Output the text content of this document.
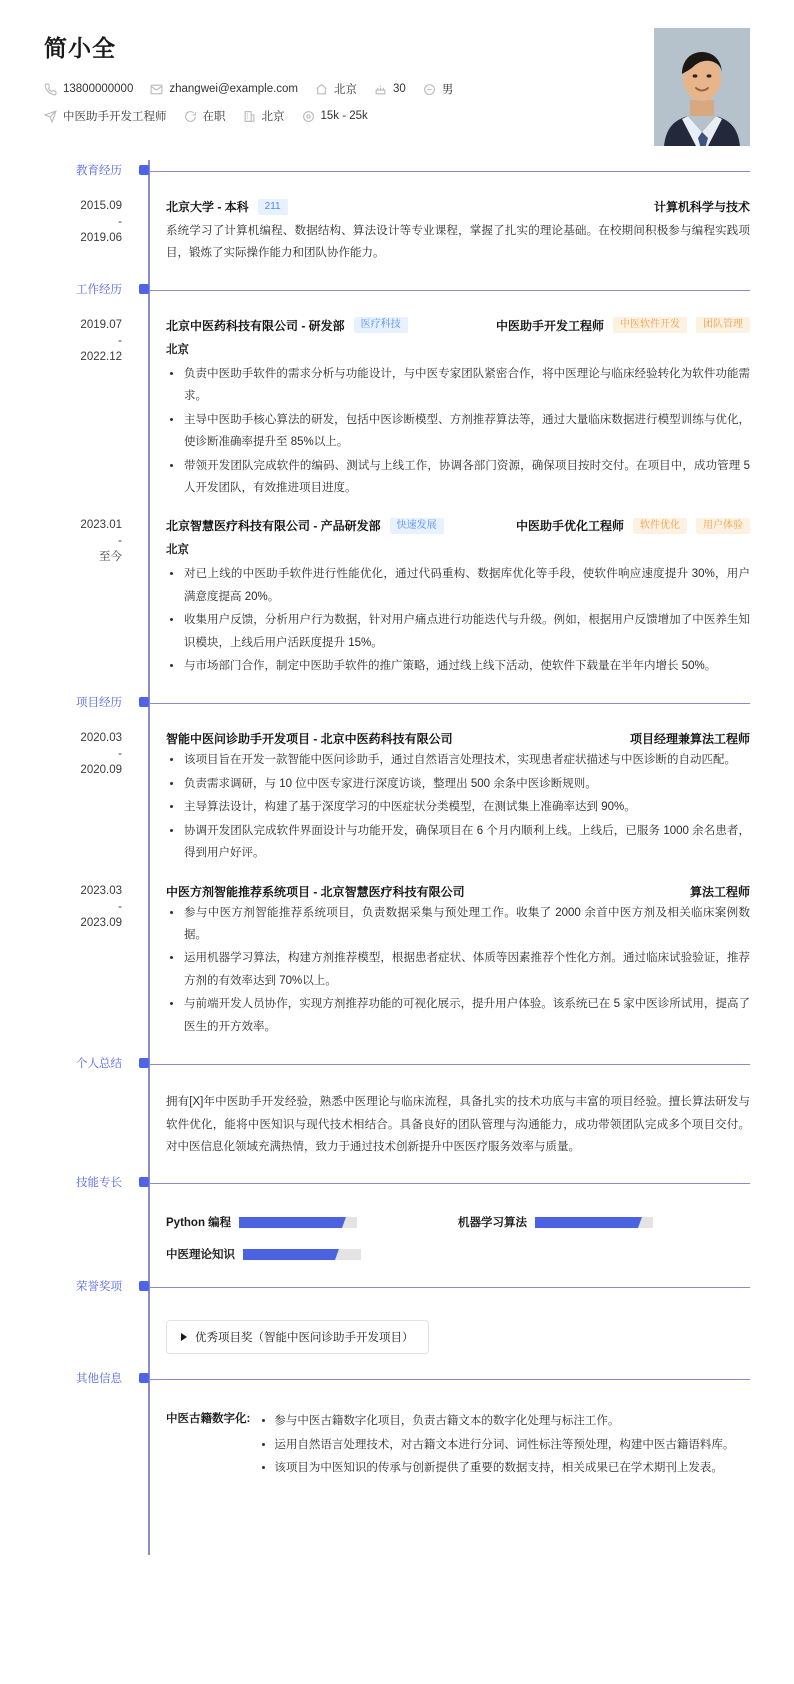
简小全
13800000000	zhangwei@example.com	北京	30	男
中医助手开发工程师	在职	北京	15k - 25k
教育经历
2015.09
-
2019.06
北京大学 - 本科	211	计算机科学与技术
系统学习了计算机编程、数据结构、算法设计等专业课程，掌握了扎实的理论基础。在校期间积极参与编程实践项目，锻炼了实际操作能力和团队协作能力。
工作经历
2019.07
-
2022.12
北京中医药科技有限公司 - 研发部	医疗科技	中医助手开发工程师	中医软件开发	团队管理
北京
负责中医助手软件的需求分析与功能设计，与中医专家团队紧密合作，将中医理论与临床经验转化为软件功能需求。
主导中医助手核心算法的研发，包括中医诊断模型、方剂推荐算法等，通过大量临床数据进行模型训练与优化，使诊断准确率提升至 85%以上。
带领开发团队完成软件的编码、测试与上线工作，协调各部门资源，确保项目按时交付。在项目中，成功管理 5 人开发团队，有效推进项目进度。
2023.01
-
至今
北京智慧医疗科技有限公司 - 产品研发部	快速发展	中医助手优化工程师	软件优化	用户体验
北京
对已上线的中医助手软件进行性能优化，通过代码重构、数据库优化等手段，使软件响应速度提升 30%，用户满意度提高 20%。
收集用户反馈，分析用户行为数据，针对用户痛点进行功能迭代与升级。例如，根据用户反馈增加了中医养生知识模块，上线后用户活跃度提升 15%。
与市场部门合作，制定中医助手软件的推广策略，通过线上线下活动，使软件下载量在半年内增长 50%。
项目经历
2020.03
-
2020.09
智能中医问诊助手开发项目 - 北京中医药科技有限公司	项目经理兼算法工程师
该项目旨在开发一款智能中医问诊助手，通过自然语言处理技术，实现患者症状描述与中医诊断的自动匹配。
负责需求调研，与 10 位中医专家进行深度访谈，整理出 500 余条中医诊断规则。
主导算法设计，构建了基于深度学习的中医症状分类模型，在测试集上准确率达到 90%。
协调开发团队完成软件界面设计与功能开发，确保项目在 6 个月内顺利上线。上线后，已服务 1000 余名患者，得到用户好评。
2023.03
-
2023.09
中医方剂智能推荐系统项目 - 北京智慧医疗科技有限公司	算法工程师
参与中医方剂智能推荐系统项目，负责数据采集与预处理工作。收集了 2000 余首中医方剂及相关临床案例数据。
运用机器学习算法，构建方剂推荐模型，根据患者症状、体质等因素推荐个性化方剂。通过临床试验验证，推荐方剂的有效率达到 70%以上。
与前端开发人员协作，实现方剂推荐功能的可视化展示，提升用户体验。该系统已在 5 家中医诊所试用，提高了医生的开方效率。
个人总结
拥有[X]年中医助手开发经验，熟悉中医理论与临床流程，具备扎实的技术功底与丰富的项目经验。擅长算法研发与软件优化，能将中医知识与现代技术相结合。具备良好的团队管理与沟通能力，成功带领团队完成多个项目交付。对中医信息化领域充满热情，致力于通过技术创新提升中医医疗服务效率与质量。
技能专长
Python 编程	机器学习算法
中医理论知识
荣誉奖项
优秀项目奖（智能中医问诊助手开发项目）
其他信息
中医古籍数字化:	参与中医古籍数字化项目，负责古籍文本的数字化处理与标注工作。
运用自然语言处理技术，对古籍文本进行分词、词性标注等预处理，构建中医古籍语料库。
该项目为中医知识的传承与创新提供了重要的数据支持，相关成果已在学术期刊上发表。
